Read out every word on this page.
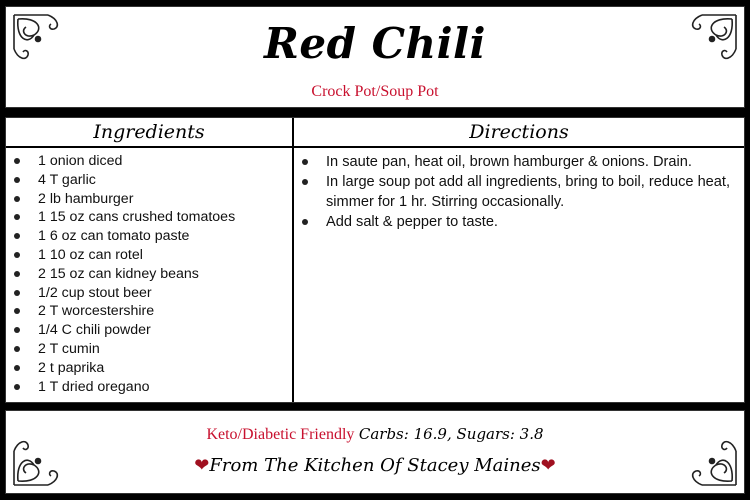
Red Chili
Crock Pot/Soup Pot
Ingredients
1 onion diced
4 T garlic
2 lb hamburger
1 15 oz cans crushed tomatoes
1 6 oz can tomato paste
1 10 oz can rotel
2 15 oz can kidney beans
1/2 cup stout beer
2 T worcestershire
1/4 C chili powder
2 T cumin
2 t paprika
1 T dried oregano
Directions
In saute pan, heat oil, brown hamburger & onions. Drain.
In large soup pot add all ingredients, bring to boil, reduce heat, simmer for 1 hr. Stirring occasionally.
Add salt & pepper to taste.
Keto/Diabetic Friendly Carbs: 16.9, Sugars: 3.8
❤From The Kitchen Of Stacey Maines❤
